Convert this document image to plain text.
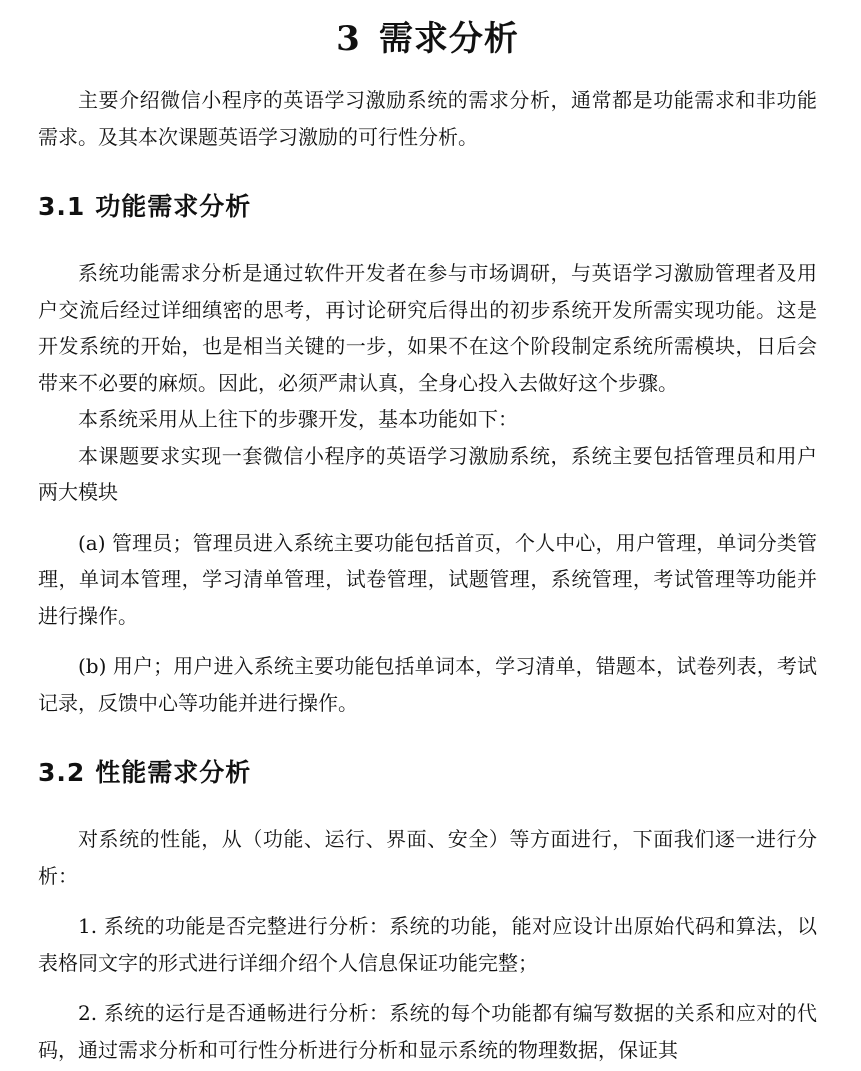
3 需求分析

主要介绍微信小程序的英语学习激励系统的需求分析，通常都是功能需求和非功能需求。及其本次课题英语学习激励的可行性分析。

3.1 功能需求分析

系统功能需求分析是通过软件开发者在参与市场调研，与英语学习激励管理者及用户交流后经过详细缜密的思考，再讨论研究后得出的初步系统开发所需实现功能。这是开发系统的开始，也是相当关键的一步，如果不在这个阶段制定系统所需模块，日后会带来不必要的麻烦。因此，必须严肃认真，全身心投入去做好这个步骤。

本系统采用从上往下的步骤开发，基本功能如下：

本课题要求实现一套微信小程序的英语学习激励系统，系统主要包括管理员和用户两大模块

(a) 管理员；管理员进入系统主要功能包括首页，个人中心，用户管理，单词分类管理，单词本管理，学习清单管理，试卷管理，试题管理，系统管理，考试管理等功能并进行操作。

(b) 用户；用户进入系统主要功能包括单词本，学习清单，错题本，试卷列表，考试记录，反馈中心等功能并进行操作。

3.2 性能需求分析

对系统的性能，从（功能、运行、界面、安全）等方面进行，下面我们逐一进行分析：

1. 系统的功能是否完整进行分析：系统的功能，能对应设计出原始代码和算法，以表格同文字的形式进行详细介绍个人信息保证功能完整；

2. 系统的运行是否通畅进行分析：系统的每个功能都有编写数据的关系和应对的代码，通过需求分析和可行性分析进行分析和显示系统的物理数据，保证其
